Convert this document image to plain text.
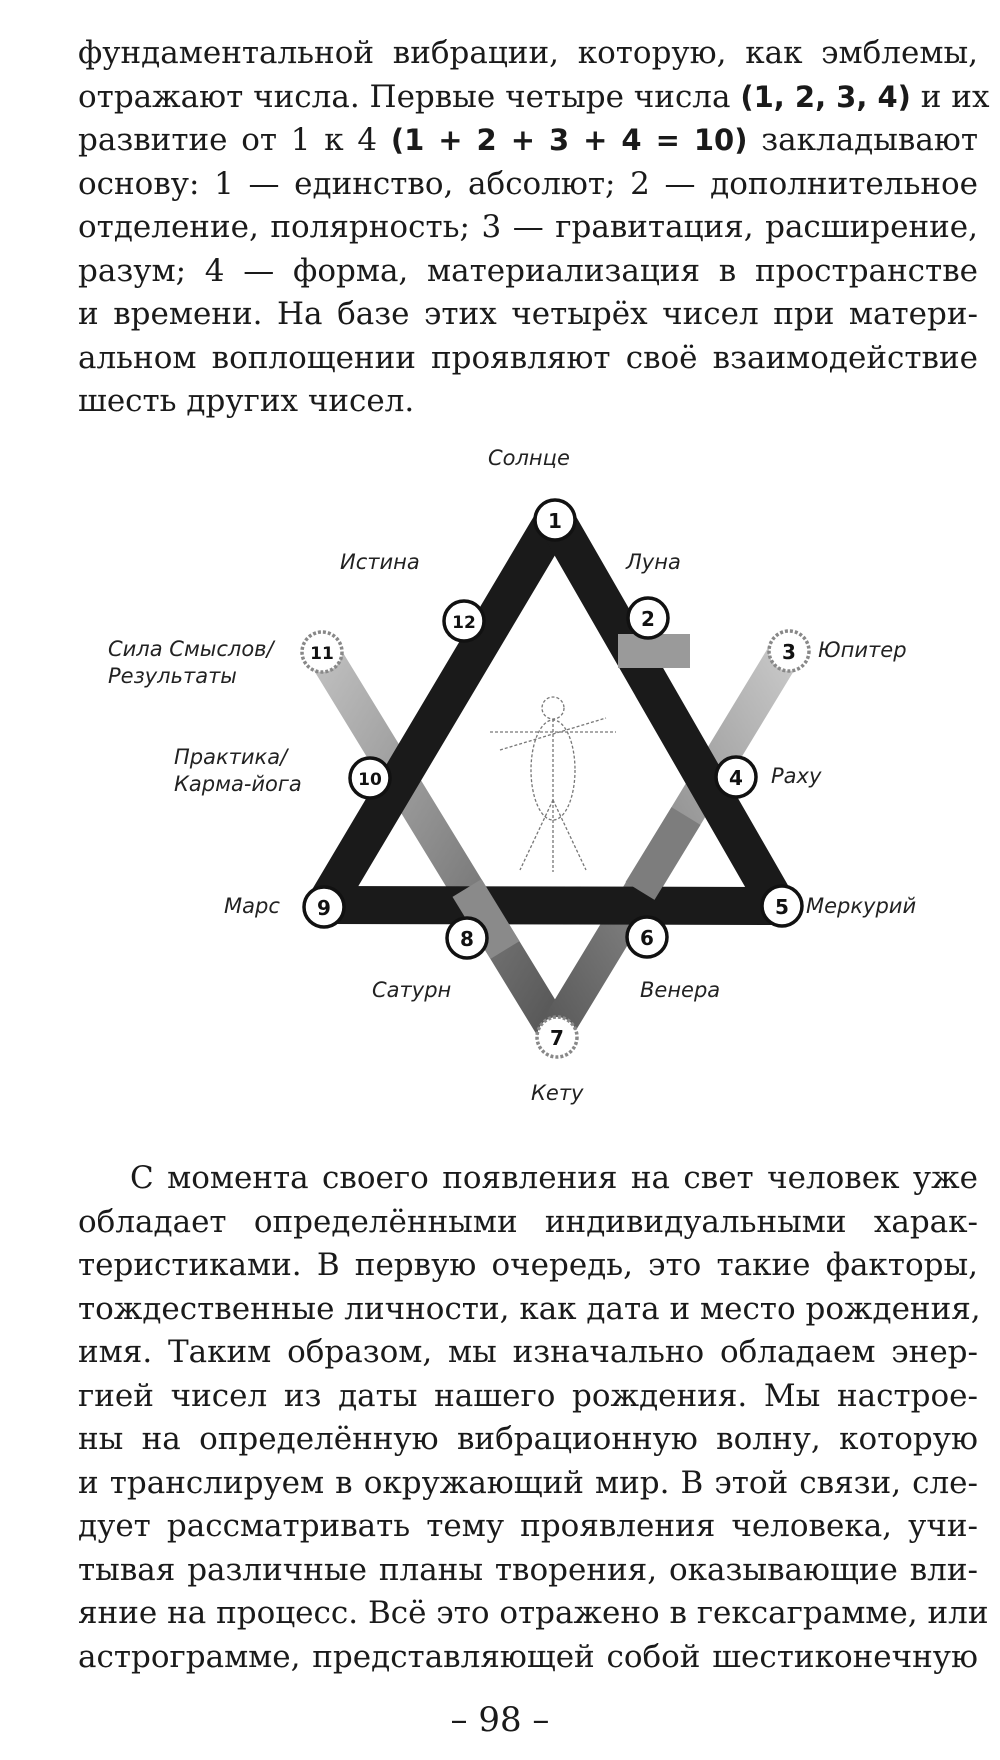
фундаментальной вибрации, которую, как эмблемы,
отражают числа. Первые четыре числа (1, 2, 3, 4) и их
развитие от 1 к 4 (1 + 2 + 3 + 4 = 10) закладывают
основу: 1 — единство, абсолют; 2 — дополнительное
отделение, полярность; 3 — гравитация, расширение,
разум; 4 — форма, материализация в пространстве
и времени. На базе этих четырёх чисел при матери-
альном воплощении проявляют своё взаимодействие
шесть других чисел.
1
2
3
4
5
6
7
8
9
10
11
12
Солнце
Луна
Юпитер
Раху
Меркурий
Венера
Кету
Сатурн
Марс
Практика/
Карма-йога
Сила Смыслов/
Результаты
Истина
С момента своего появления на свет человек уже
обладает определёнными индивидуальными харак-
теристиками. В первую очередь, это такие факторы,
тождественные личности, как дата и место рождения,
имя. Таким образом, мы изначально обладаем энер-
гией чисел из даты нашего рождения. Мы настрое-
ны на определённую вибрационную волну, которую
и транслируем в окружающий мир. В этой связи, сле-
дует рассматривать тему проявления человека, учи-
тывая различные планы творения, оказывающие вли-
яние на процесс. Всё это отражено в гексаграмме, или
астрограмме, представляющей собой шестиконечную
– 98 –
